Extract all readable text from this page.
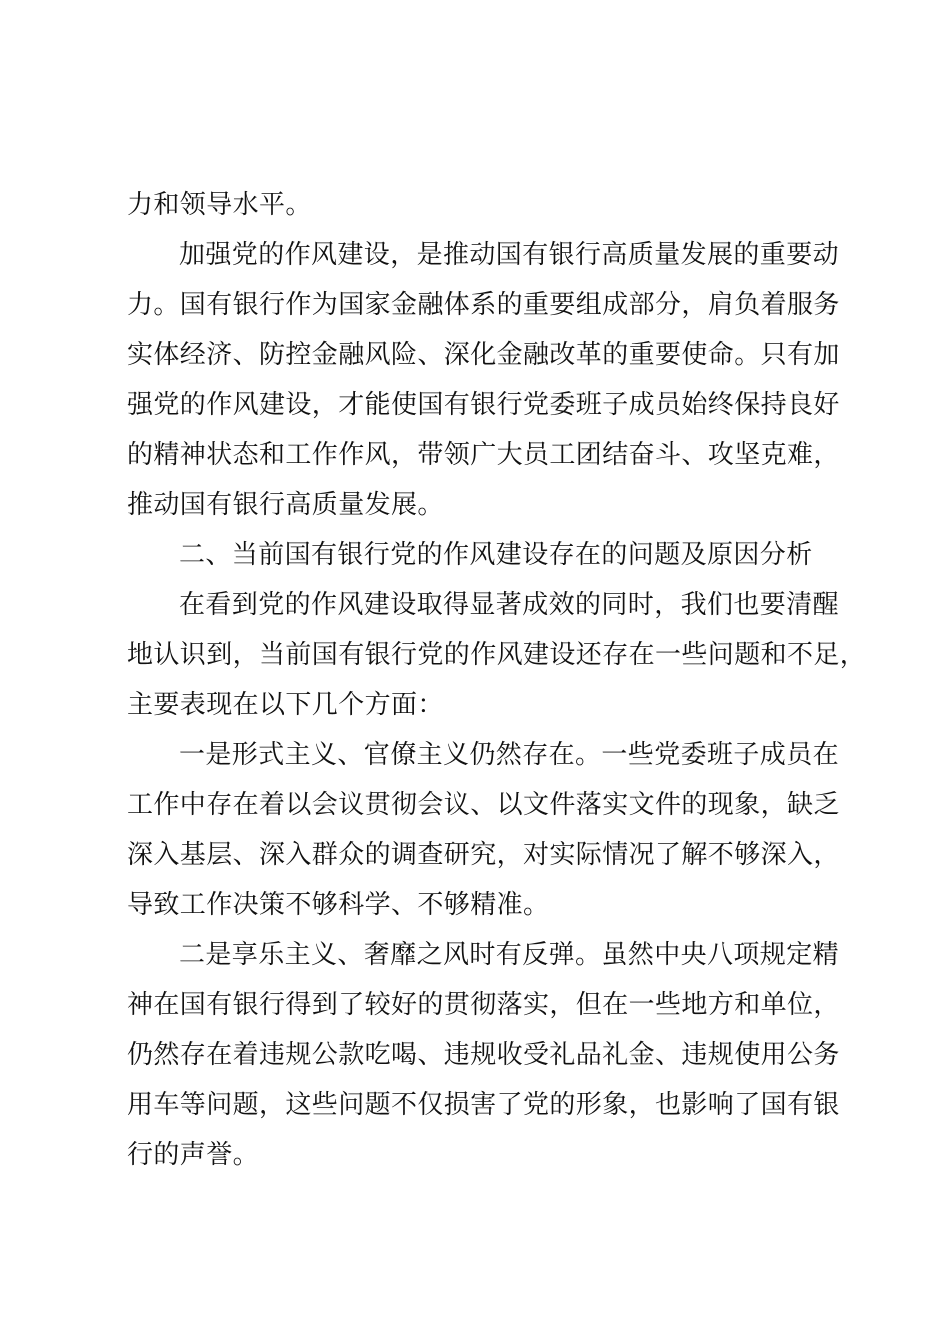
力和领导水平。

加强党的作风建设，是推动国有银行高质量发展的重要动

力。国有银行作为国家金融体系的重要组成部分，肩负着服务

实体经济、防控金融风险、深化金融改革的重要使命。只有加

强党的作风建设，才能使国有银行党委班子成员始终保持良好

的精神状态和工作作风，带领广大员工团结奋斗、攻坚克难，

推动国有银行高质量发展。

二、当前国有银行党的作风建设存在的问题及原因分析

在看到党的作风建设取得显著成效的同时，我们也要清醒

地认识到，当前国有银行党的作风建设还存在一些问题和不足，

主要表现在以下几个方面：

一是形式主义、官僚主义仍然存在。一些党委班子成员在

工作中存在着以会议贯彻会议、以文件落实文件的现象，缺乏

深入基层、深入群众的调查研究，对实际情况了解不够深入，

导致工作决策不够科学、不够精准。

二是享乐主义、奢靡之风时有反弹。虽然中央八项规定精

神在国有银行得到了较好的贯彻落实，但在一些地方和单位，

仍然存在着违规公款吃喝、违规收受礼品礼金、违规使用公务

用车等问题，这些问题不仅损害了党的形象，也影响了国有银

行的声誉。
